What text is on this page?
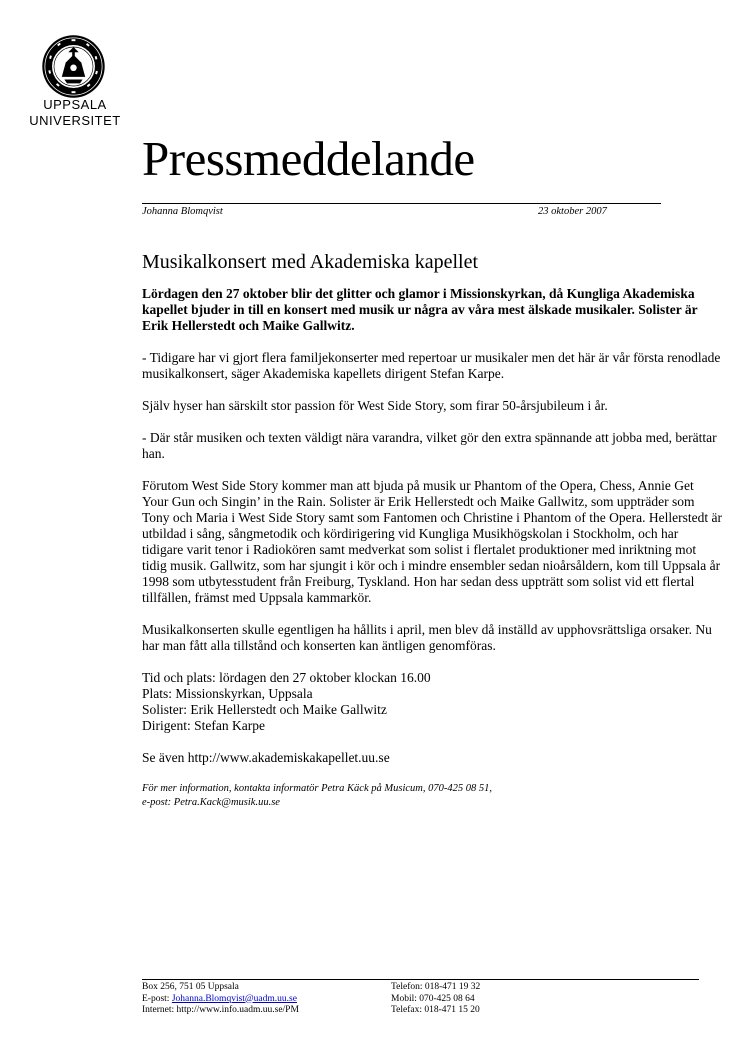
UPPSALA
UNIVERSITET
Pressmeddelande
Johanna Blomqvist	23 oktober 2007
Musikalkonsert med Akademiska kapellet

Lördagen den 27 oktober blir det glitter och glamor i Missionskyrkan, då Kungliga Akademiska kapellet bjuder in till en konsert med musik ur några av våra mest älskade musikaler. Solister är Erik Hellerstedt och Maike Gallwitz.

- Tidigare har vi gjort flera familjekonserter med repertoar ur musikaler men det här är vår första renodlade musikalkonsert, säger Akademiska kapellets dirigent Stefan Karpe.

Själv hyser han särskilt stor passion för West Side Story, som firar 50-årsjubileum i år.

- Där står musiken och texten väldigt nära varandra, vilket gör den extra spännande att jobba med, berättar han.

Förutom West Side Story kommer man att bjuda på musik ur Phantom of the Opera, Chess, Annie Get Your Gun och Singin’ in the Rain. Solister är Erik Hellerstedt och Maike Gallwitz, som uppträder som Tony och Maria i West Side Story samt som Fantomen och Christine i Phantom of the Opera. Hellerstedt är utbildad i sång, sångmetodik och kördirigering vid Kungliga Musikhögskolan i Stockholm, och har tidigare varit tenor i Radiokören samt medverkat som solist i flertalet produktioner med inriktning mot tidig musik. Gallwitz, som har sjungit i kör och i mindre ensembler sedan nioårsåldern, kom till Uppsala år 1998 som utbytesstudent från Freiburg, Tyskland. Hon har sedan dess uppträtt som solist vid ett flertal tillfällen, främst med Uppsala kammarkör.

Musikalkonserten skulle egentligen ha hållits i april, men blev då inställd av upphovsrättsliga orsaker. Nu har man fått alla tillstånd och konserten kan äntligen genomföras.

Tid och plats: lördagen den 27 oktober klockan 16.00
Plats: Missionskyrkan, Uppsala
Solister: Erik Hellerstedt och Maike Gallwitz
Dirigent: Stefan Karpe

Se även http://www.akademiskakapellet.uu.se

För mer information, kontakta informatör Petra Käck på Musicum, 070-425 08 51,
e-post: Petra.Kack@musik.uu.se

Box 256, 751 05 Uppsala
E-post: Johanna.Blomqvist@uadm.uu.se
Internet: http://www.info.uadm.uu.se/PM
Telefon: 018-471 19 32
Mobil: 070-425 08 64
Telefax: 018-471 15 20
